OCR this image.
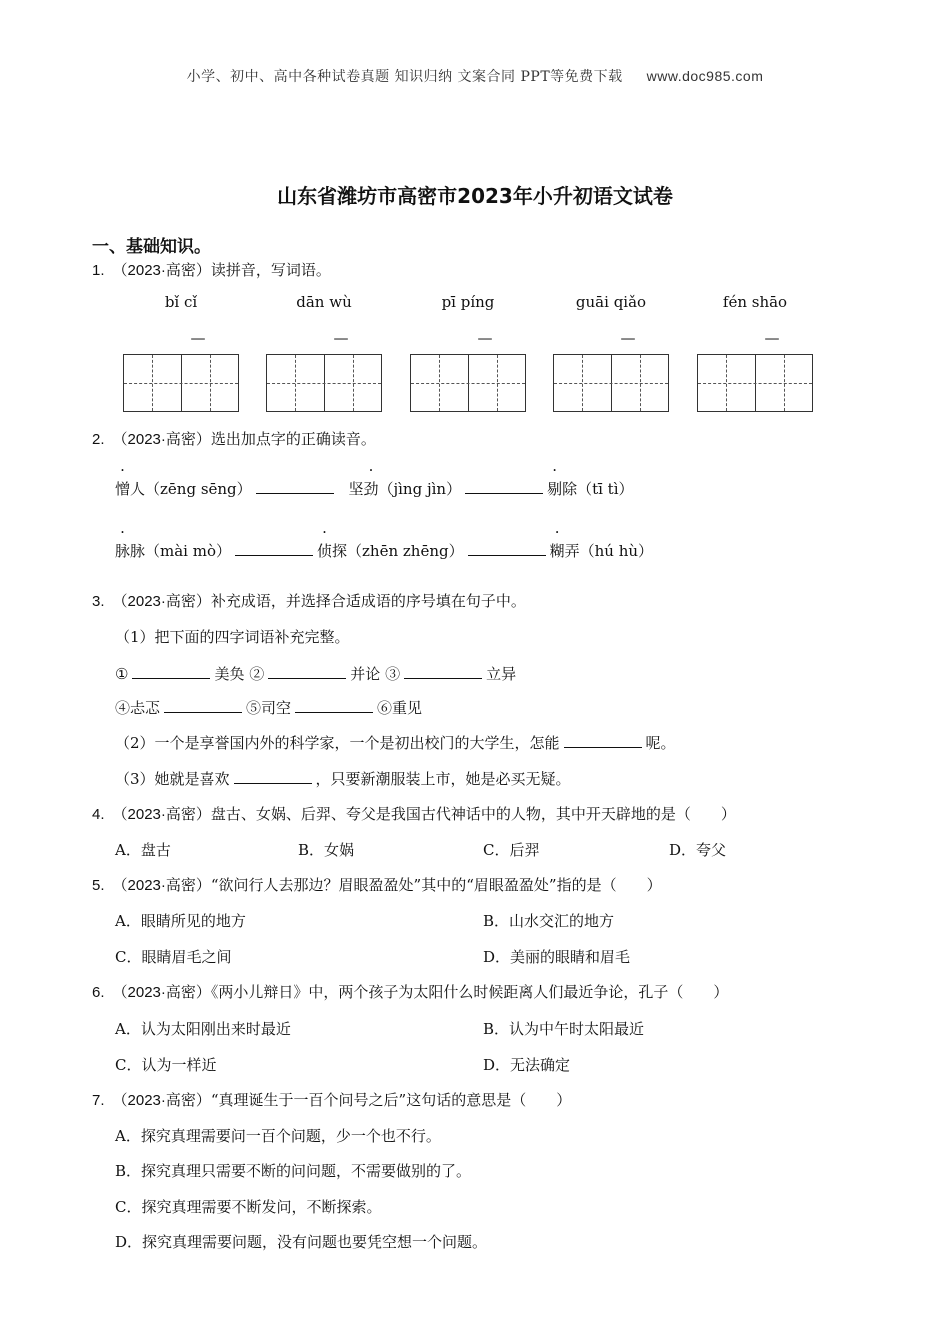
小学、初中、高中各种试卷真题 知识归纳 文案合同 PPT等免费下载 www.doc985.com
山东省潍坊市高密市2023年小升初语文试卷
一、基础知识。
1. （2023·高密）读拼音，写词语。
bǐ cǐ	dān wù	pī píng	guāi qiǎo	fén shāo
—	—	—	—	—
2. （2023·高密）选出加点字的正确读音。
憎人（zēng sēng）	坚劲（jìng jìn）	剔除（tī tì）
脉脉（mài mò）	侦探（zhēn zhēng）	糊弄（hú hù）
3. （2023·高密）补充成语，并选择合适成语的序号填在句子中。
（1）把下面的四字词语补充完整。
①	美奂 ②	并论 ③	立异
④忐忑	⑤司空	⑥重见
（2）一个是享誉国内外的科学家，一个是初出校门的大学生，怎能	呢。
（3）她就是喜欢	，只要新潮服装上市，她是必买无疑。
4. （2023·高密）盘古、女娲、后羿、夸父是我国古代神话中的人物，其中开天辟地的是（　　）
A．盘古	B．女娲	C．后羿	D．夸父
5. （2023·高密）“欲问行人去那边？眉眼盈盈处”其中的“眉眼盈盈处”指的是（　　）
A．眼睛所见的地方	B．山水交汇的地方
C．眼睛眉毛之间	D．美丽的眼睛和眉毛
6. （2023·高密）《两小儿辩日》中，两个孩子为太阳什么时候距离人们最近争论，孔子（　　）
A．认为太阳刚出来时最近	B．认为中午时太阳最近
C．认为一样近	D．无法确定
7. （2023·高密）“真理诞生于一百个问号之后”这句话的意思是（　　）
A．探究真理需要问一百个问题，少一个也不行。
B．探究真理只需要不断的问问题，不需要做别的了。
C．探究真理需要不断发问，不断探索。
D．探究真理需要问题，没有问题也要凭空想一个问题。
